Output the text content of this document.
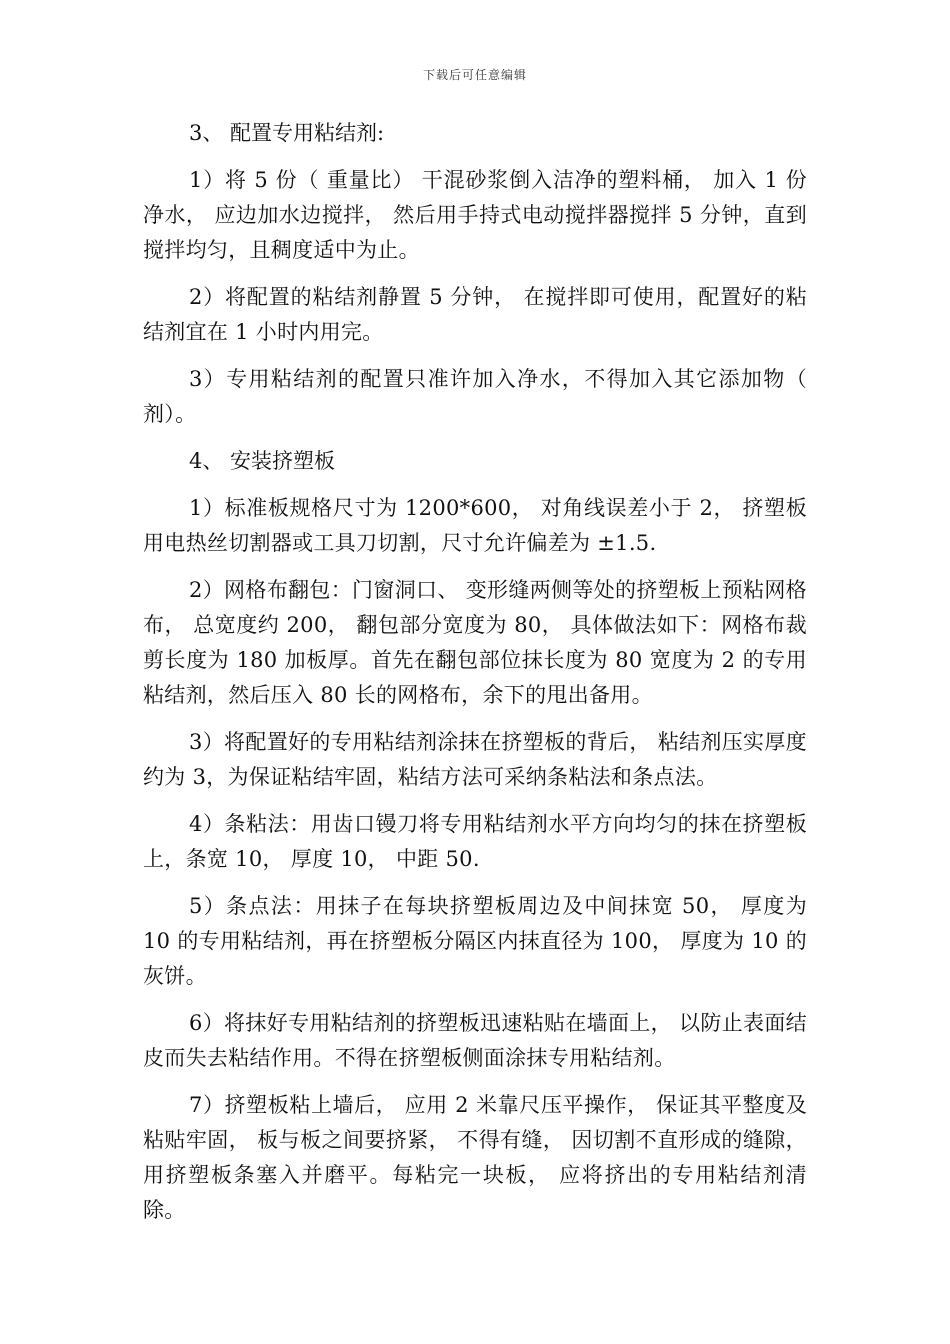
下载后可任意编辑

3、 配置专用粘结剂:

1）将 5 份（ 重量比） 干混砂浆倒入洁净的塑料桶， 加入 1 份净水， 应边加水边搅拌， 然后用手持式电动搅拌器搅拌 5 分钟，直到搅拌均匀，且稠度适中为止。

2）将配置的粘结剂静置 5 分钟， 在搅拌即可使用，配置好的粘结剂宜在 1 小时内用完。

3）专用粘结剂的配置只准许加入净水，不得加入其它添加物（ 剂）。

4、 安装挤塑板

1）标准板规格尺寸为 1200*600， 对角线误差小于 2， 挤塑板用电热丝切割器或工具刀切割，尺寸允许偏差为 ±1.5.

2）网格布翻包：门窗洞口、 变形缝两侧等处的挤塑板上预粘网格布， 总宽度约 200， 翻包部分宽度为 80， 具体做法如下：网格布裁剪长度为 180 加板厚。首先在翻包部位抹长度为 80 宽度为 2 的专用粘结剂，然后压入 80 长的网格布，余下的甩出备用。

3）将配置好的专用粘结剂涂抹在挤塑板的背后， 粘结剂压实厚度约为 3，为保证粘结牢固，粘结方法可采纳条粘法和条点法。

4）条粘法：用齿口镘刀将专用粘结剂水平方向均匀的抹在挤塑板上，条宽 10， 厚度 10， 中距 50.

5）条点法：用抹子在每块挤塑板周边及中间抹宽 50， 厚度为 10 的专用粘结剂，再在挤塑板分隔区内抹直径为 100， 厚度为 10 的灰饼。

6）将抹好专用粘结剂的挤塑板迅速粘贴在墙面上， 以防止表面结皮而失去粘结作用。不得在挤塑板侧面涂抹专用粘结剂。

7）挤塑板粘上墙后， 应用 2 米靠尺压平操作， 保证其平整度及粘贴牢固， 板与板之间要挤紧， 不得有缝， 因切割不直形成的缝隙，用挤塑板条塞入并磨平。每粘完一块板， 应将挤出的专用粘结剂清除。
